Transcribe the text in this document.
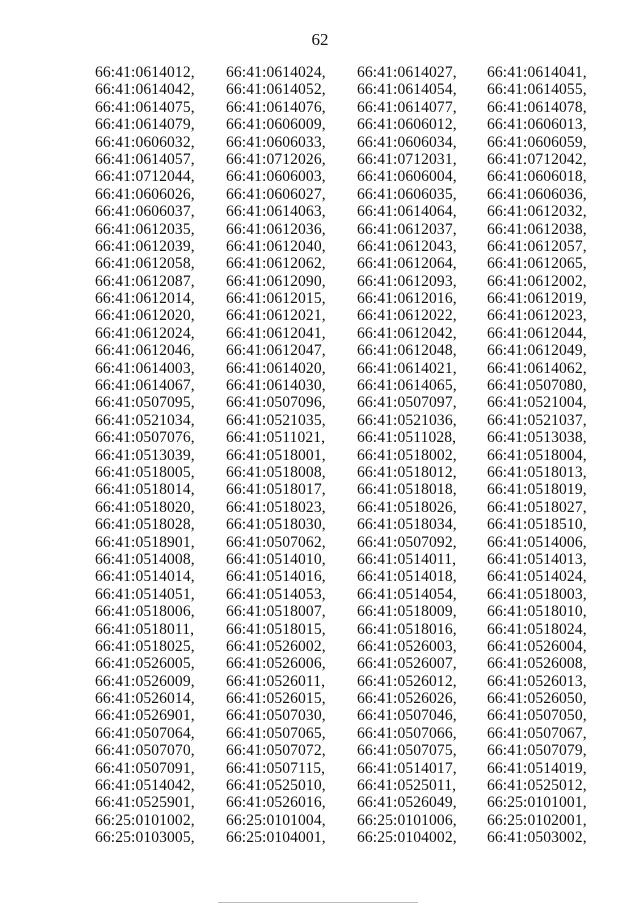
62
66:41:0614012,	66:41:0614024,	66:41:0614027,	66:41:0614041,
66:41:0614042,	66:41:0614052,	66:41:0614054,	66:41:0614055,
66:41:0614075,	66:41:0614076,	66:41:0614077,	66:41:0614078,
66:41:0614079,	66:41:0606009,	66:41:0606012,	66:41:0606013,
66:41:0606032,	66:41:0606033,	66:41:0606034,	66:41:0606059,
66:41:0614057,	66:41:0712026,	66:41:0712031,	66:41:0712042,
66:41:0712044,	66:41:0606003,	66:41:0606004,	66:41:0606018,
66:41:0606026,	66:41:0606027,	66:41:0606035,	66:41:0606036,
66:41:0606037,	66:41:0614063,	66:41:0614064,	66:41:0612032,
66:41:0612035,	66:41:0612036,	66:41:0612037,	66:41:0612038,
66:41:0612039,	66:41:0612040,	66:41:0612043,	66:41:0612057,
66:41:0612058,	66:41:0612062,	66:41:0612064,	66:41:0612065,
66:41:0612087,	66:41:0612090,	66:41:0612093,	66:41:0612002,
66:41:0612014,	66:41:0612015,	66:41:0612016,	66:41:0612019,
66:41:0612020,	66:41:0612021,	66:41:0612022,	66:41:0612023,
66:41:0612024,	66:41:0612041,	66:41:0612042,	66:41:0612044,
66:41:0612046,	66:41:0612047,	66:41:0612048,	66:41:0612049,
66:41:0614003,	66:41:0614020,	66:41:0614021,	66:41:0614062,
66:41:0614067,	66:41:0614030,	66:41:0614065,	66:41:0507080,
66:41:0507095,	66:41:0507096,	66:41:0507097,	66:41:0521004,
66:41:0521034,	66:41:0521035,	66:41:0521036,	66:41:0521037,
66:41:0507076,	66:41:0511021,	66:41:0511028,	66:41:0513038,
66:41:0513039,	66:41:0518001,	66:41:0518002,	66:41:0518004,
66:41:0518005,	66:41:0518008,	66:41:0518012,	66:41:0518013,
66:41:0518014,	66:41:0518017,	66:41:0518018,	66:41:0518019,
66:41:0518020,	66:41:0518023,	66:41:0518026,	66:41:0518027,
66:41:0518028,	66:41:0518030,	66:41:0518034,	66:41:0518510,
66:41:0518901,	66:41:0507062,	66:41:0507092,	66:41:0514006,
66:41:0514008,	66:41:0514010,	66:41:0514011,	66:41:0514013,
66:41:0514014,	66:41:0514016,	66:41:0514018,	66:41:0514024,
66:41:0514051,	66:41:0514053,	66:41:0514054,	66:41:0518003,
66:41:0518006,	66:41:0518007,	66:41:0518009,	66:41:0518010,
66:41:0518011,	66:41:0518015,	66:41:0518016,	66:41:0518024,
66:41:0518025,	66:41:0526002,	66:41:0526003,	66:41:0526004,
66:41:0526005,	66:41:0526006,	66:41:0526007,	66:41:0526008,
66:41:0526009,	66:41:0526011,	66:41:0526012,	66:41:0526013,
66:41:0526014,	66:41:0526015,	66:41:0526026,	66:41:0526050,
66:41:0526901,	66:41:0507030,	66:41:0507046,	66:41:0507050,
66:41:0507064,	66:41:0507065,	66:41:0507066,	66:41:0507067,
66:41:0507070,	66:41:0507072,	66:41:0507075,	66:41:0507079,
66:41:0507091,	66:41:0507115,	66:41:0514017,	66:41:0514019,
66:41:0514042,	66:41:0525010,	66:41:0525011,	66:41:0525012,
66:41:0525901,	66:41:0526016,	66:41:0526049,	66:25:0101001,
66:25:0101002,	66:25:0101004,	66:25:0101006,	66:25:0102001,
66:25:0103005,	66:25:0104001,	66:25:0104002,	66:41:0503002,
